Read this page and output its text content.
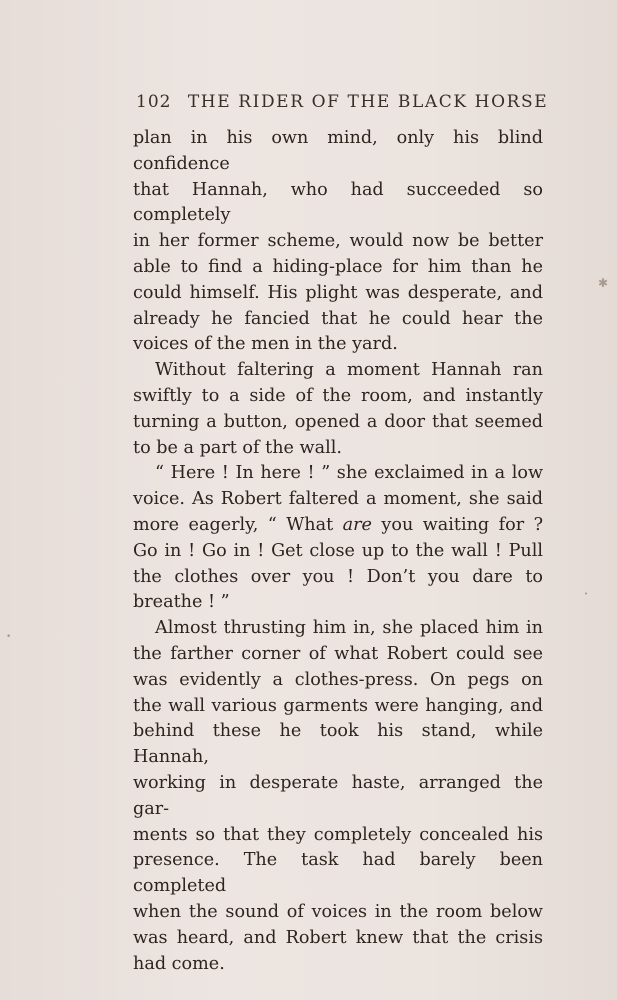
102 THE RIDER OF THE BLACK HORSE

plan in his own mind, only his blind confidence

that Hannah, who had succeeded so completely

in her former scheme, would now be better

able to find a hiding-place for him than he

could himself. His plight was desperate, and

already he fancied that he could hear the

voices of the men in the yard.

Without faltering a moment Hannah ran

swiftly to a side of the room, and instantly

turning a button, opened a door that seemed

to be a part of the wall.

“ Here ! In here ! ” she exclaimed in a low

voice. As Robert faltered a moment, she said

more eagerly, “ What are you waiting for ?

Go in ! Go in ! Get close up to the wall ! Pull

the clothes over you ! Don’t you dare to

breathe ! ”

Almost thrusting him in, she placed him in

the farther corner of what Robert could see

was evidently a clothes-press. On pegs on

the wall various garments were hanging, and

behind these he took his stand, while Hannah,

working in desperate haste, arranged the gar-

ments so that they completely concealed his

presence. The task had barely been completed

when the sound of voices in the room below

was heard, and Robert knew that the crisis

had come.

✱
•
•
